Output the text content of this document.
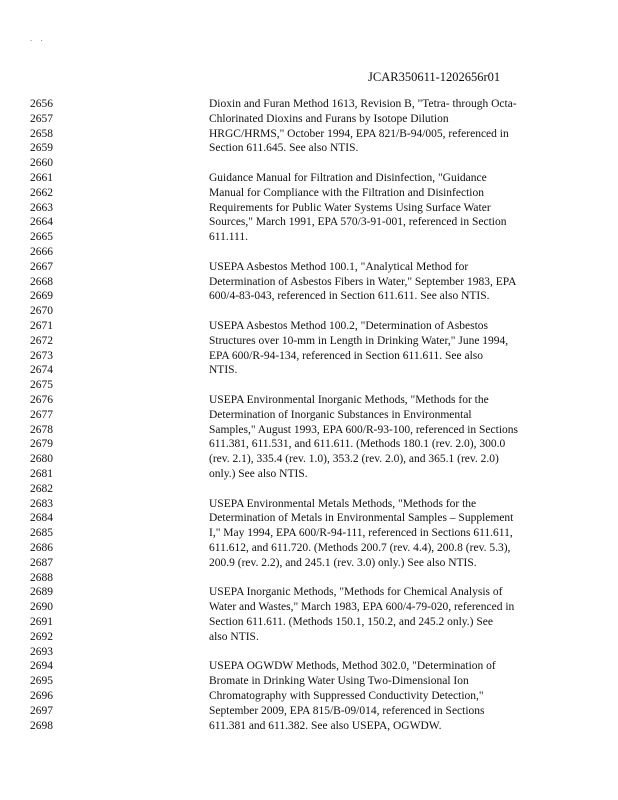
. .
JCAR350611-1202656r01
2656	Dioxin and Furan Method 1613, Revision B, "Tetra- through Octa-
2657	Chlorinated Dioxins and Furans by Isotope Dilution
2658	HRGC/HRMS," October 1994, EPA 821/B-94/005, referenced in
2659	Section 611.645. See also NTIS.
2660
2661	Guidance Manual for Filtration and Disinfection, "Guidance
2662	Manual for Compliance with the Filtration and Disinfection
2663	Requirements for Public Water Systems Using Surface Water
2664	Sources," March 1991, EPA 570/3-91-001, referenced in Section
2665	611.111.
2666
2667	USEPA Asbestos Method 100.1, "Analytical Method for
2668	Determination of Asbestos Fibers in Water," September 1983, EPA
2669	600/4-83-043, referenced in Section 611.611. See also NTIS.
2670
2671	USEPA Asbestos Method 100.2, "Determination of Asbestos
2672	Structures over 10-mm in Length in Drinking Water," June 1994,
2673	EPA 600/R-94-134, referenced in Section 611.611. See also
2674	NTIS.
2675
2676	USEPA Environmental Inorganic Methods, "Methods for the
2677	Determination of Inorganic Substances in Environmental
2678	Samples," August 1993, EPA 600/R-93-100, referenced in Sections
2679	611.381, 611.531, and 611.611. (Methods 180.1 (rev. 2.0), 300.0
2680	(rev. 2.1), 335.4 (rev. 1.0), 353.2 (rev. 2.0), and 365.1 (rev. 2.0)
2681	only.) See also NTIS.
2682
2683	USEPA Environmental Metals Methods, "Methods for the
2684	Determination of Metals in Environmental Samples – Supplement
2685	I," May 1994, EPA 600/R-94-111, referenced in Sections 611.611,
2686	611.612, and 611.720. (Methods 200.7 (rev. 4.4), 200.8 (rev. 5.3),
2687	200.9 (rev. 2.2), and 245.1 (rev. 3.0) only.) See also NTIS.
2688
2689	USEPA Inorganic Methods, "Methods for Chemical Analysis of
2690	Water and Wastes," March 1983, EPA 600/4-79-020, referenced in
2691	Section 611.611. (Methods 150.1, 150.2, and 245.2 only.) See
2692	also NTIS.
2693
2694	USEPA OGWDW Methods, Method 302.0, "Determination of
2695	Bromate in Drinking Water Using Two-Dimensional Ion
2696	Chromatography with Suppressed Conductivity Detection,"
2697	September 2009, EPA 815/B-09/014, referenced in Sections
2698	611.381 and 611.382. See also USEPA, OGWDW.
